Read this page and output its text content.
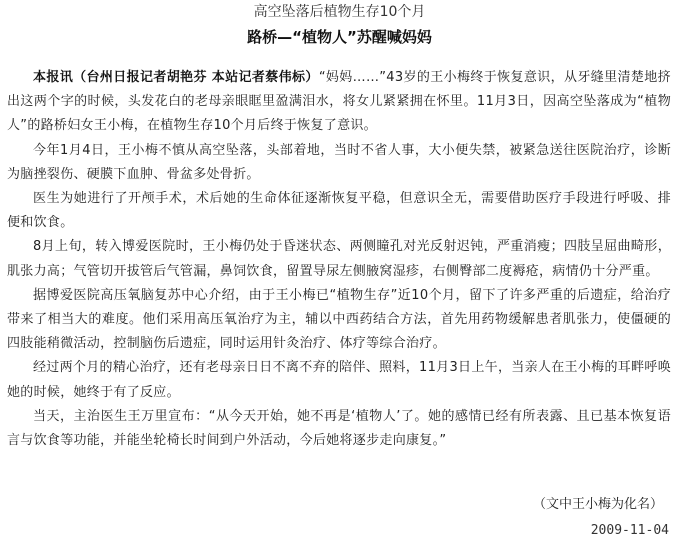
高空坠落后植物生存10个月
路桥—“植物人”苏醒喊妈妈

本报讯（台州日报记者胡艳芬 本站记者蔡伟标）“妈妈……”43岁的王小梅终于恢复意识，从牙缝里清楚地挤出这两个字的时候，头发花白的老母亲眼眶里盈满泪水，将女儿紧紧拥在怀里。11月3日，因高空坠落成为“植物人”的路桥妇女王小梅，在植物生存10个月后终于恢复了意识。

今年1月4日，王小梅不慎从高空坠落，头部着地，当时不省人事，大小便失禁，被紧急送往医院治疗，诊断为脑挫裂伤、硬膜下血肿、骨盆多处骨折。

医生为她进行了开颅手术，术后她的生命体征逐渐恢复平稳，但意识全无，需要借助医疗手段进行呼吸、排便和饮食。

8月上旬，转入博爱医院时，王小梅仍处于昏迷状态、两侧瞳孔对光反射迟钝，严重消瘦；四肢呈屈曲畸形，肌张力高；气管切开拔管后气管漏，鼻饲饮食，留置导尿左侧腋窝湿疹，右侧臀部二度褥疮，病情仍十分严重。

据博爱医院高压氧脑复苏中心介绍，由于王小梅已“植物生存”近10个月，留下了许多严重的后遗症，给治疗带来了相当大的难度。他们采用高压氧治疗为主，辅以中西药结合方法，首先用药物缓解患者肌张力，使僵硬的四肢能稍微活动，控制脑伤后遗症，同时运用针灸治疗、体疗等综合治疗。

经过两个月的精心治疗，还有老母亲日日不离不弃的陪伴、照料，11月3日上午，当亲人在王小梅的耳畔呼唤她的时候，她终于有了反应。

当天，主治医生王万里宣布：“从今天开始，她不再是‘植物人’了。她的感情已经有所表露、且已基本恢复语言与饮食等功能，并能坐轮椅长时间到户外活动，今后她将逐步走向康复。”

（文中王小梅为化名）
2009-11-04
